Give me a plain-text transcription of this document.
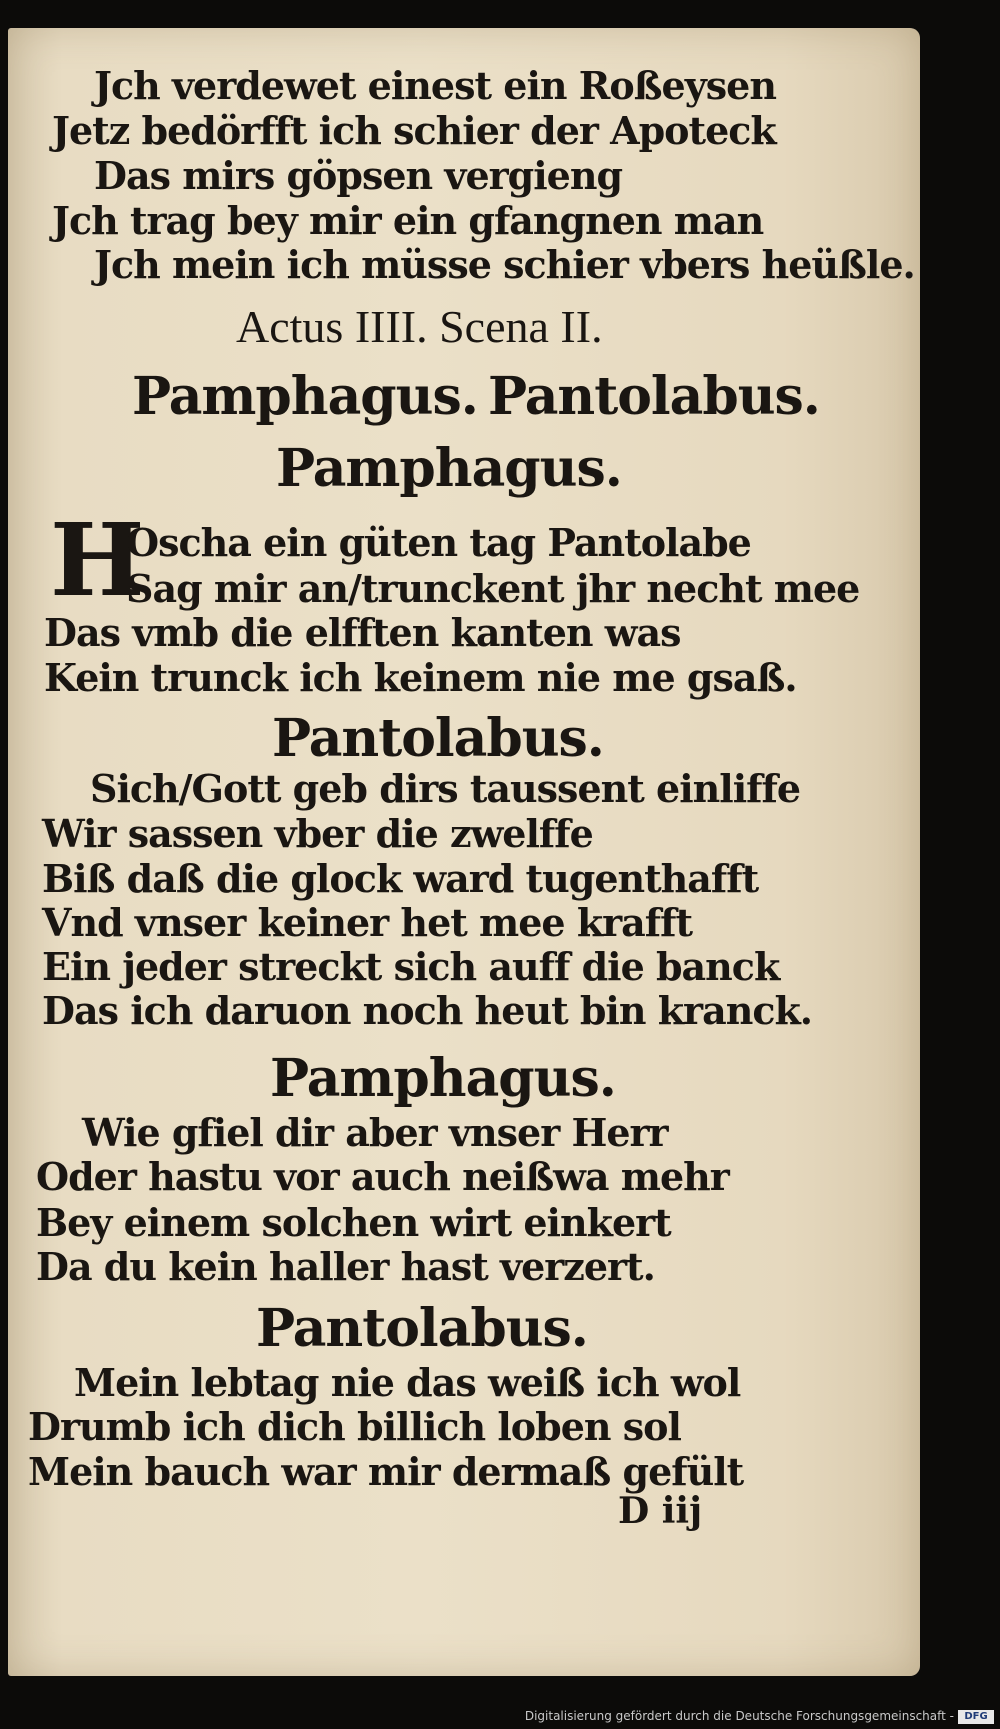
Jch verdewet einest ein Roßeysen
Jetz bedörfft ich schier der Apoteck
Das mirs göpsen vergieng
Jch trag bey mir ein gfangnen man
Jch mein ich müsse schier vbers heüßle.
Actus IIII. Scena II.
Pamphagus. Pantolabus.
Pamphagus.
H
Oscha ein güten tag Pantolabe
Sag mir an/trunckent jhr necht mee
Das vmb die elfften kanten was
Kein trunck ich keinem nie me gsaß.
Pantolabus.
Sich/Gott geb dirs taussent einliffe
Wir sassen vber die zwelffe
Biß daß die glock ward tugenthafft
Vnd vnser keiner het mee krafft
Ein jeder streckt sich auff die banck
Das ich daruon noch heut bin kranck.
Pamphagus.
Wie gfiel dir aber vnser Herr
Oder hastu vor auch neißwa mehr
Bey einem solchen wirt einkert
Da du kein haller hast verzert.
Pantolabus.
Mein lebtag nie das weiß ich wol
Drumb ich dich billich loben sol
Mein bauch war mir dermaß gefült
D iij
Digitalisierung gefördert durch die Deutsche Forschungsgemeinschaft -	DFG
